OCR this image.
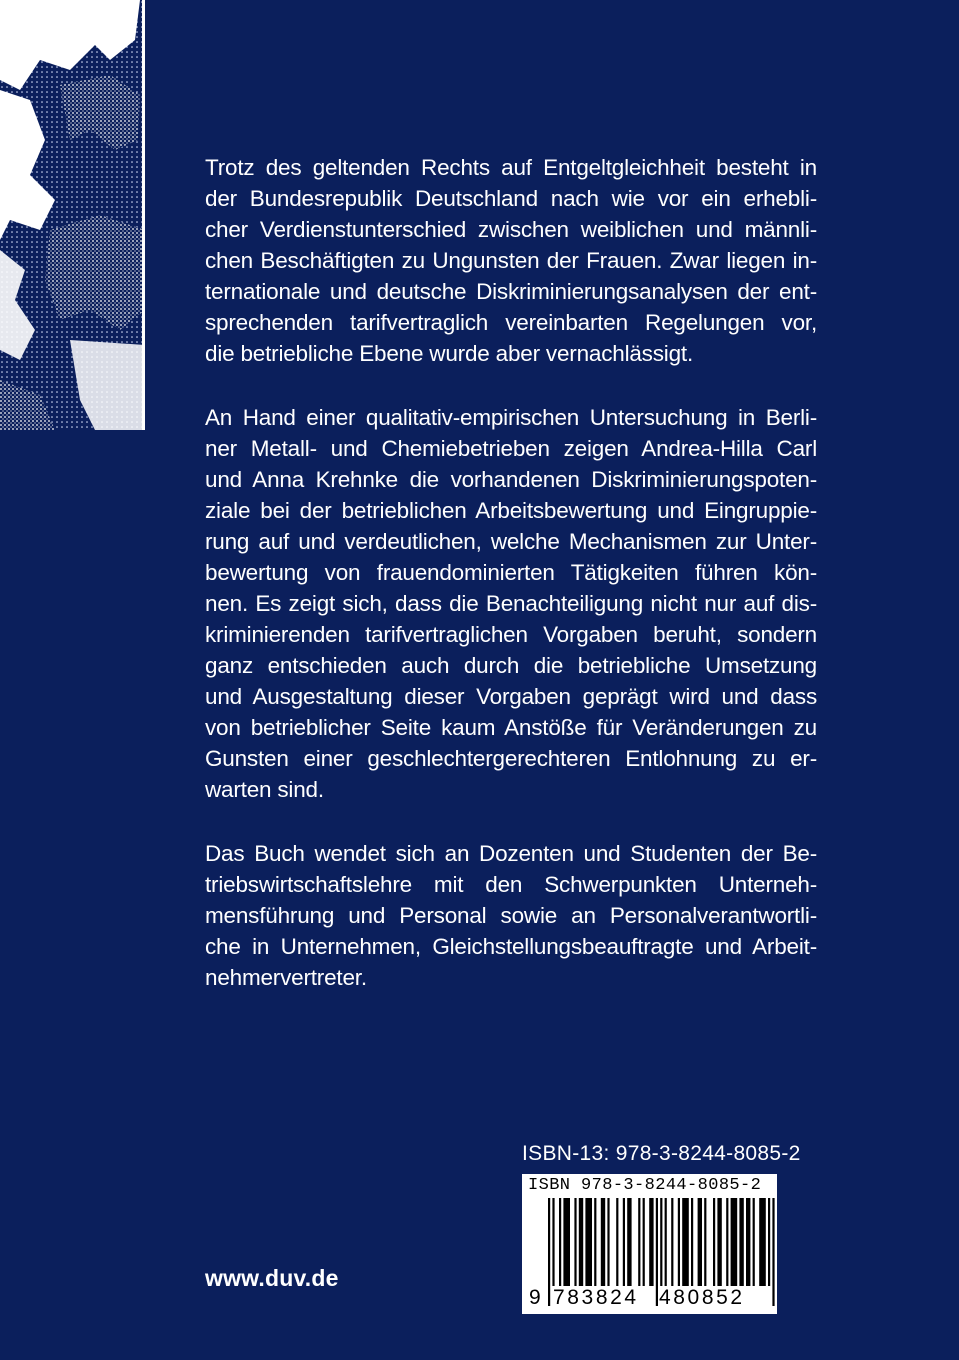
Trotz des geltenden Rechts auf Entgeltgleichheit besteht in
der Bundesrepublik Deutschland nach wie vor ein erhebli-
cher Verdienstunterschied zwischen weiblichen und männli-
chen Beschäftigten zu Ungunsten der Frauen. Zwar liegen in-
ternationale und deutsche Diskriminierungsanalysen der ent-
sprechenden tarifvertraglich vereinbarten Regelungen vor,
die betriebliche Ebene wurde aber vernachlässigt.

An Hand einer qualitativ-empirischen Untersuchung in Berli-
ner Metall- und Chemiebetrieben zeigen Andrea-Hilla Carl
und Anna Krehnke die vorhandenen Diskriminierungspoten-
ziale bei der betrieblichen Arbeitsbewertung und Eingruppie-
rung auf und verdeutlichen, welche Mechanismen zur Unter-
bewertung von frauendominierten Tätigkeiten führen kön-
nen. Es zeigt sich, dass die Benachteiligung nicht nur auf dis-
kriminierenden tarifvertraglichen Vorgaben beruht, sondern
ganz entschieden auch durch die betriebliche Umsetzung
und Ausgestaltung dieser Vorgaben geprägt wird und dass
von betrieblicher Seite kaum Anstöße für Veränderungen zu
Gunsten einer geschlechtergerechteren Entlohnung zu er-
warten sind.

Das Buch wendet sich an Dozenten und Studenten der Be-
triebswirtschaftslehre mit den Schwerpunkten Unterneh-
mensführung und Personal sowie an Personalverantwortli-
che in Unternehmen, Gleichstellungsbeauftragte und Arbeit-
nehmervertreter.

ISBN-13: 978-3-8244-8085-2
ISBN 978-3-8244-8085-2
9 783824 480852
www.duv.de
